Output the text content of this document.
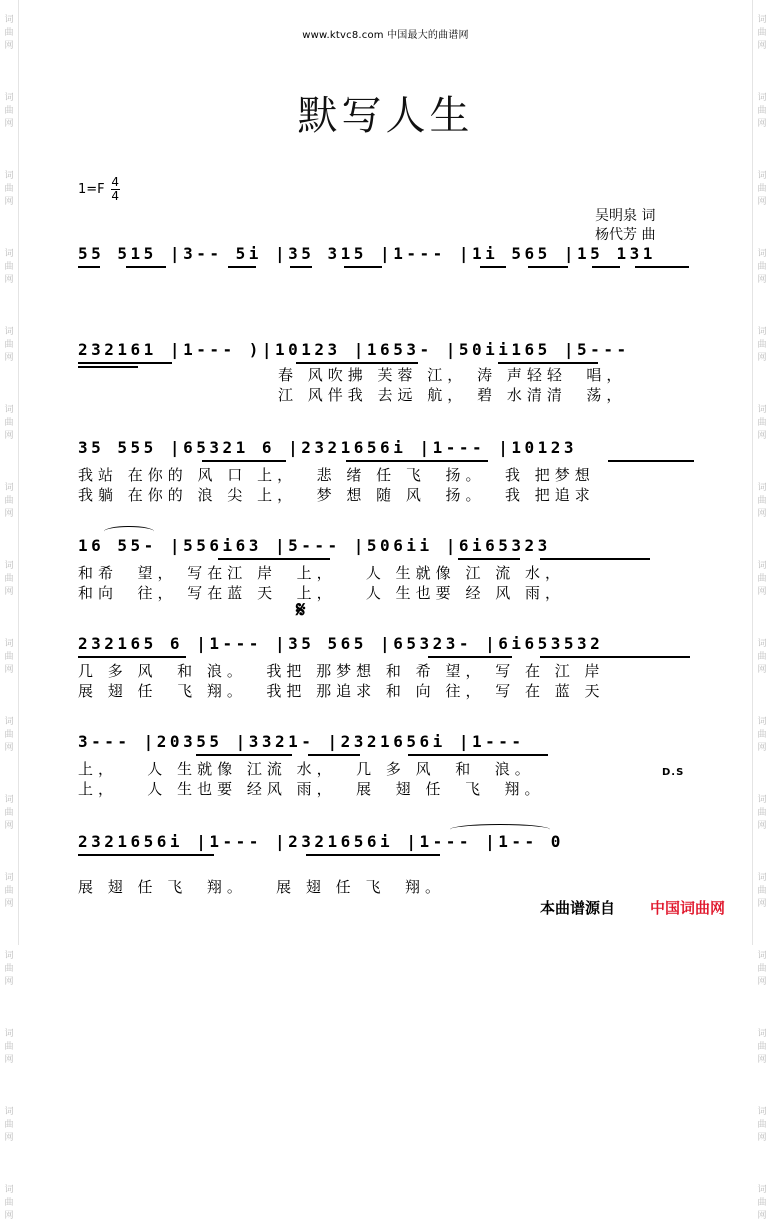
词
曲
网
词
曲
网
词
曲
网
词
曲
网
词
曲
网
词
曲
网
词
曲
网
词
曲
网
词
曲
网
词
曲
网
词
曲
网
词
曲
网
词
曲
网
词
曲
网
词
曲
网
词
曲
网
词
曲
网
词
曲
网
词
曲
网
词
曲
网
词
曲
网
词
曲
网
词
曲
网
词
曲
网
词
曲
网
词
曲
网
词
曲
网
词
曲
网
词
曲
网
词
曲
网
词
曲
网
词
曲
网
www.ktvc8.com 中国最大的曲谱网
默写人生
1=F 4
4
吴明泉 词
杨代芳 曲
55 515 |3-- 5i |35 315 |1--- |1i 565 |15 131
232161 |1--- )|10123 |1653- |50ii165 |5---
春 风吹拂 芙蓉 江， 涛 声轻轻  唱，
江 风伴我 去远 航， 碧 水清清  荡，
35 555 |65321 6 |2321656i |1--- |10123
我站 在你的 风 口 上，  悲 绪 任 飞  扬。  我 把梦想
我躺 在你的 浪 尖 上，  梦 想 随 风  扬。  我 把追求
16 55- |556i63 |5--- |506ii |6i65323
和希  望， 写在江 岸  上，   人 生就像 江 流 水，
和向  往， 写在蓝 天  上，   人 生也要 经 风 雨，
𝄋
232165 6 |1--- |35 565 |65323- |6i653532
几 多 风  和 浪。  我把 那梦想 和 希 望， 写 在 江 岸
展 翅 任  飞 翔。  我把 那追求 和 向 往， 写 在 蓝 天
3--- |20355 |3321- |2321656i |1---
上，   人 生就像 江流 水，  几 多 风  和  浪。
上，   人 生也要 经风 雨，  展  翅 任  飞  翔。
D.S
2321656i |1--- |2321656i |1--- |1-- 0
展 翅 任 飞  翔。   展 翅 任 飞  翔。
本曲谱源自 中国词曲网
